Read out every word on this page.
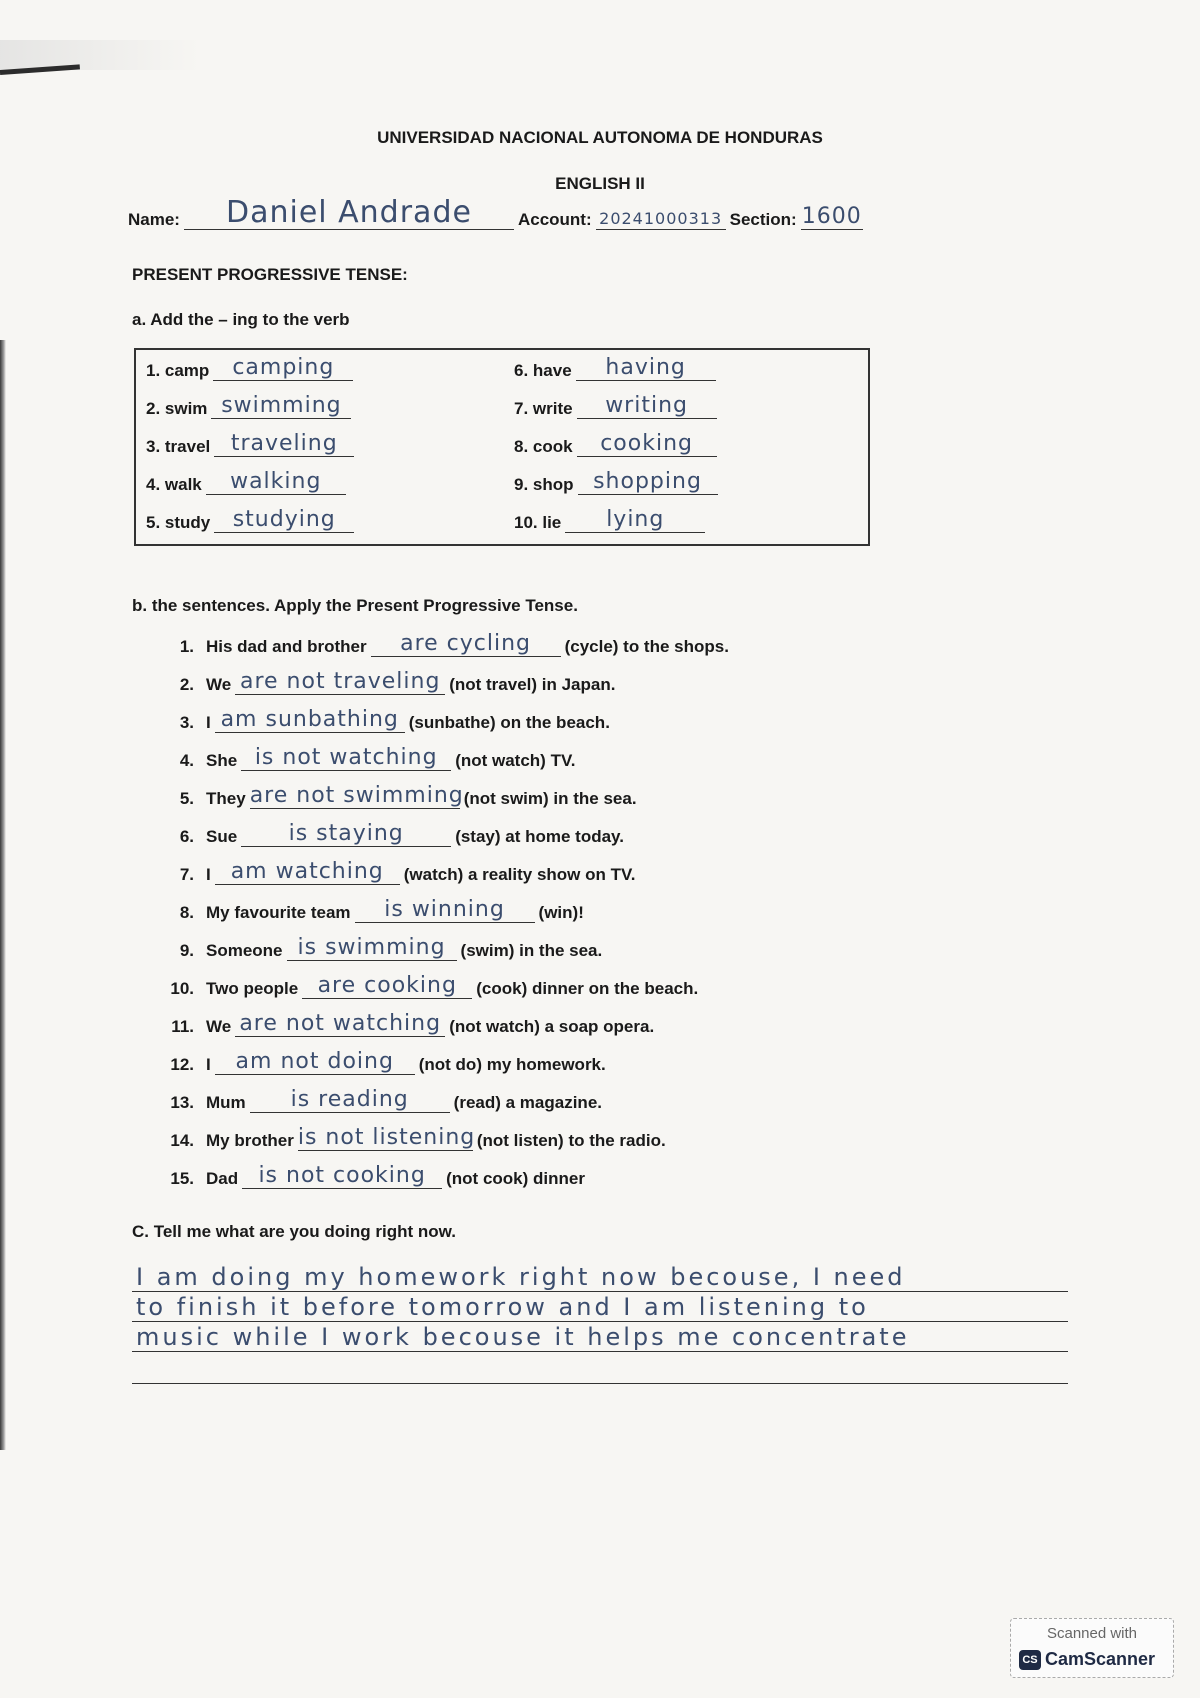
UNIVERSIDAD NACIONAL AUTONOMA DE HONDURAS
ENGLISH II
Name:	Daniel Andrade	Account: 20241000313 Section: 1600
PRESENT PROGRESSIVE TENSE:
a. Add the – ing to the verb
1. camp	camping
2. swim swimming
3. travel traveling
4. walk	walking
5. study	studying
6. have	having
7. write	writing
8. cook	cooking
9. shop shopping
10. lie	lying
b. the sentences. Apply the Present Progressive Tense.
1. His dad and brother	are cycling	(cycle) to the shops.
2. We are not traveling (not travel) in Japan.
3. I am sunbathing (sunbathe) on the beach.
4. She is not watching	(not watch) TV.
5. They are not swimming (not swim) in the sea.
6. Sue	is staying	(stay) at home today.
7. I am watching	(watch) a reality show on TV.
8. My favourite team	is winning	(win)!
9. Someone is swimming (swim) in the sea.
10. Two people are cooking	(cook) dinner on the beach.
11. We are not watching (not watch) a soap opera.
12. I	am not doing	(not do) my homework.
13. Mum	is reading	(read) a magazine.
14. My brother is not listening (not listen) to the radio.
15. Dad is not cooking	(not cook) dinner
C. Tell me what are you doing right now.
I am doing my homework right now becouse, I need
to finish it before tomorrow and I am listening to
music while I work becouse it helps me concentrate
Scanned with
CS CamScanner
